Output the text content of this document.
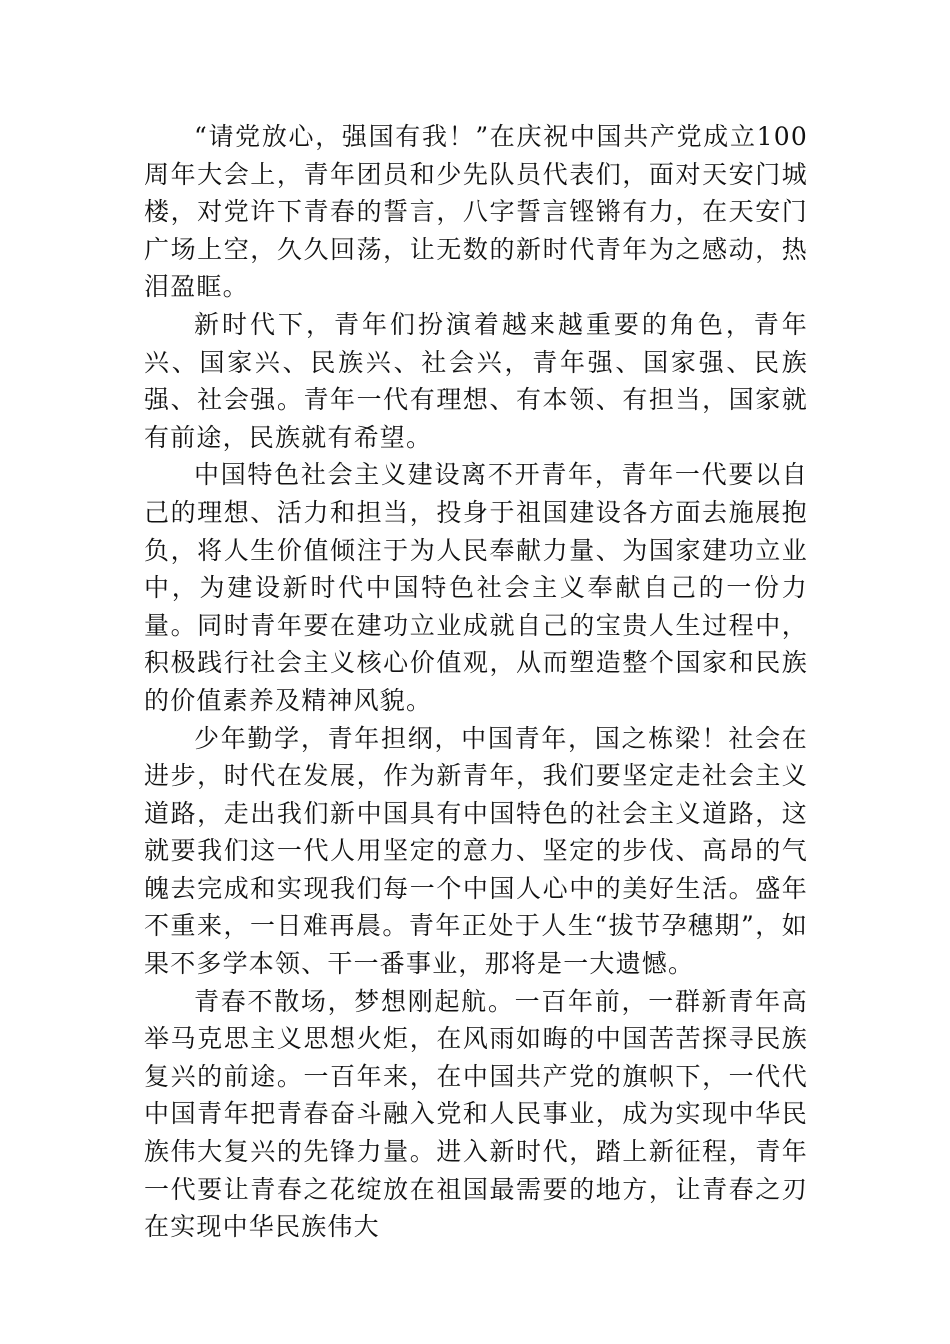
“请党放心，强国有我！”在庆祝中国共产党成立100周年大会上，青年团员和少先队员代表们，面对天安门城楼，对党许下青春的誓言，八字誓言铿锵有力，在天安门广场上空，久久回荡，让无数的新时代青年为之感动，热泪盈眶。

新时代下，青年们扮演着越来越重要的角色，青年兴、国家兴、民族兴、社会兴，青年强、国家强、民族强、社会强。青年一代有理想、有本领、有担当，国家就有前途，民族就有希望。

中国特色社会主义建设离不开青年，青年一代要以自己的理想、活力和担当，投身于祖国建设各方面去施展抱负，将人生价值倾注于为人民奉献力量、为国家建功立业中，为建设新时代中国特色社会主义奉献自己的一份力量。同时青年要在建功立业成就自己的宝贵人生过程中，积极践行社会主义核心价值观，从而塑造整个国家和民族的价值素养及精神风貌。

少年勤学，青年担纲，中国青年，国之栋梁！社会在进步，时代在发展，作为新青年，我们要坚定走社会主义道路，走出我们新中国具有中国特色的社会主义道路，这就要我们这一代人用坚定的意力、坚定的步伐、高昂的气魄去完成和实现我们每一个中国人心中的美好生活。盛年不重来，一日难再晨。青年正处于人生“拔节孕穗期”，如果不多学本领、干一番事业，那将是一大遗憾。

青春不散场，梦想刚起航。一百年前，一群新青年高举马克思主义思想火炬，在风雨如晦的中国苦苦探寻民族复兴的前途。一百年来，在中国共产党的旗帜下，一代代中国青年把青春奋斗融入党和人民事业，成为实现中华民族伟大复兴的先锋力量。进入新时代，踏上新征程，青年一代要让青春之花绽放在祖国最需要的地方，让青春之刃在实现中华民族伟大
